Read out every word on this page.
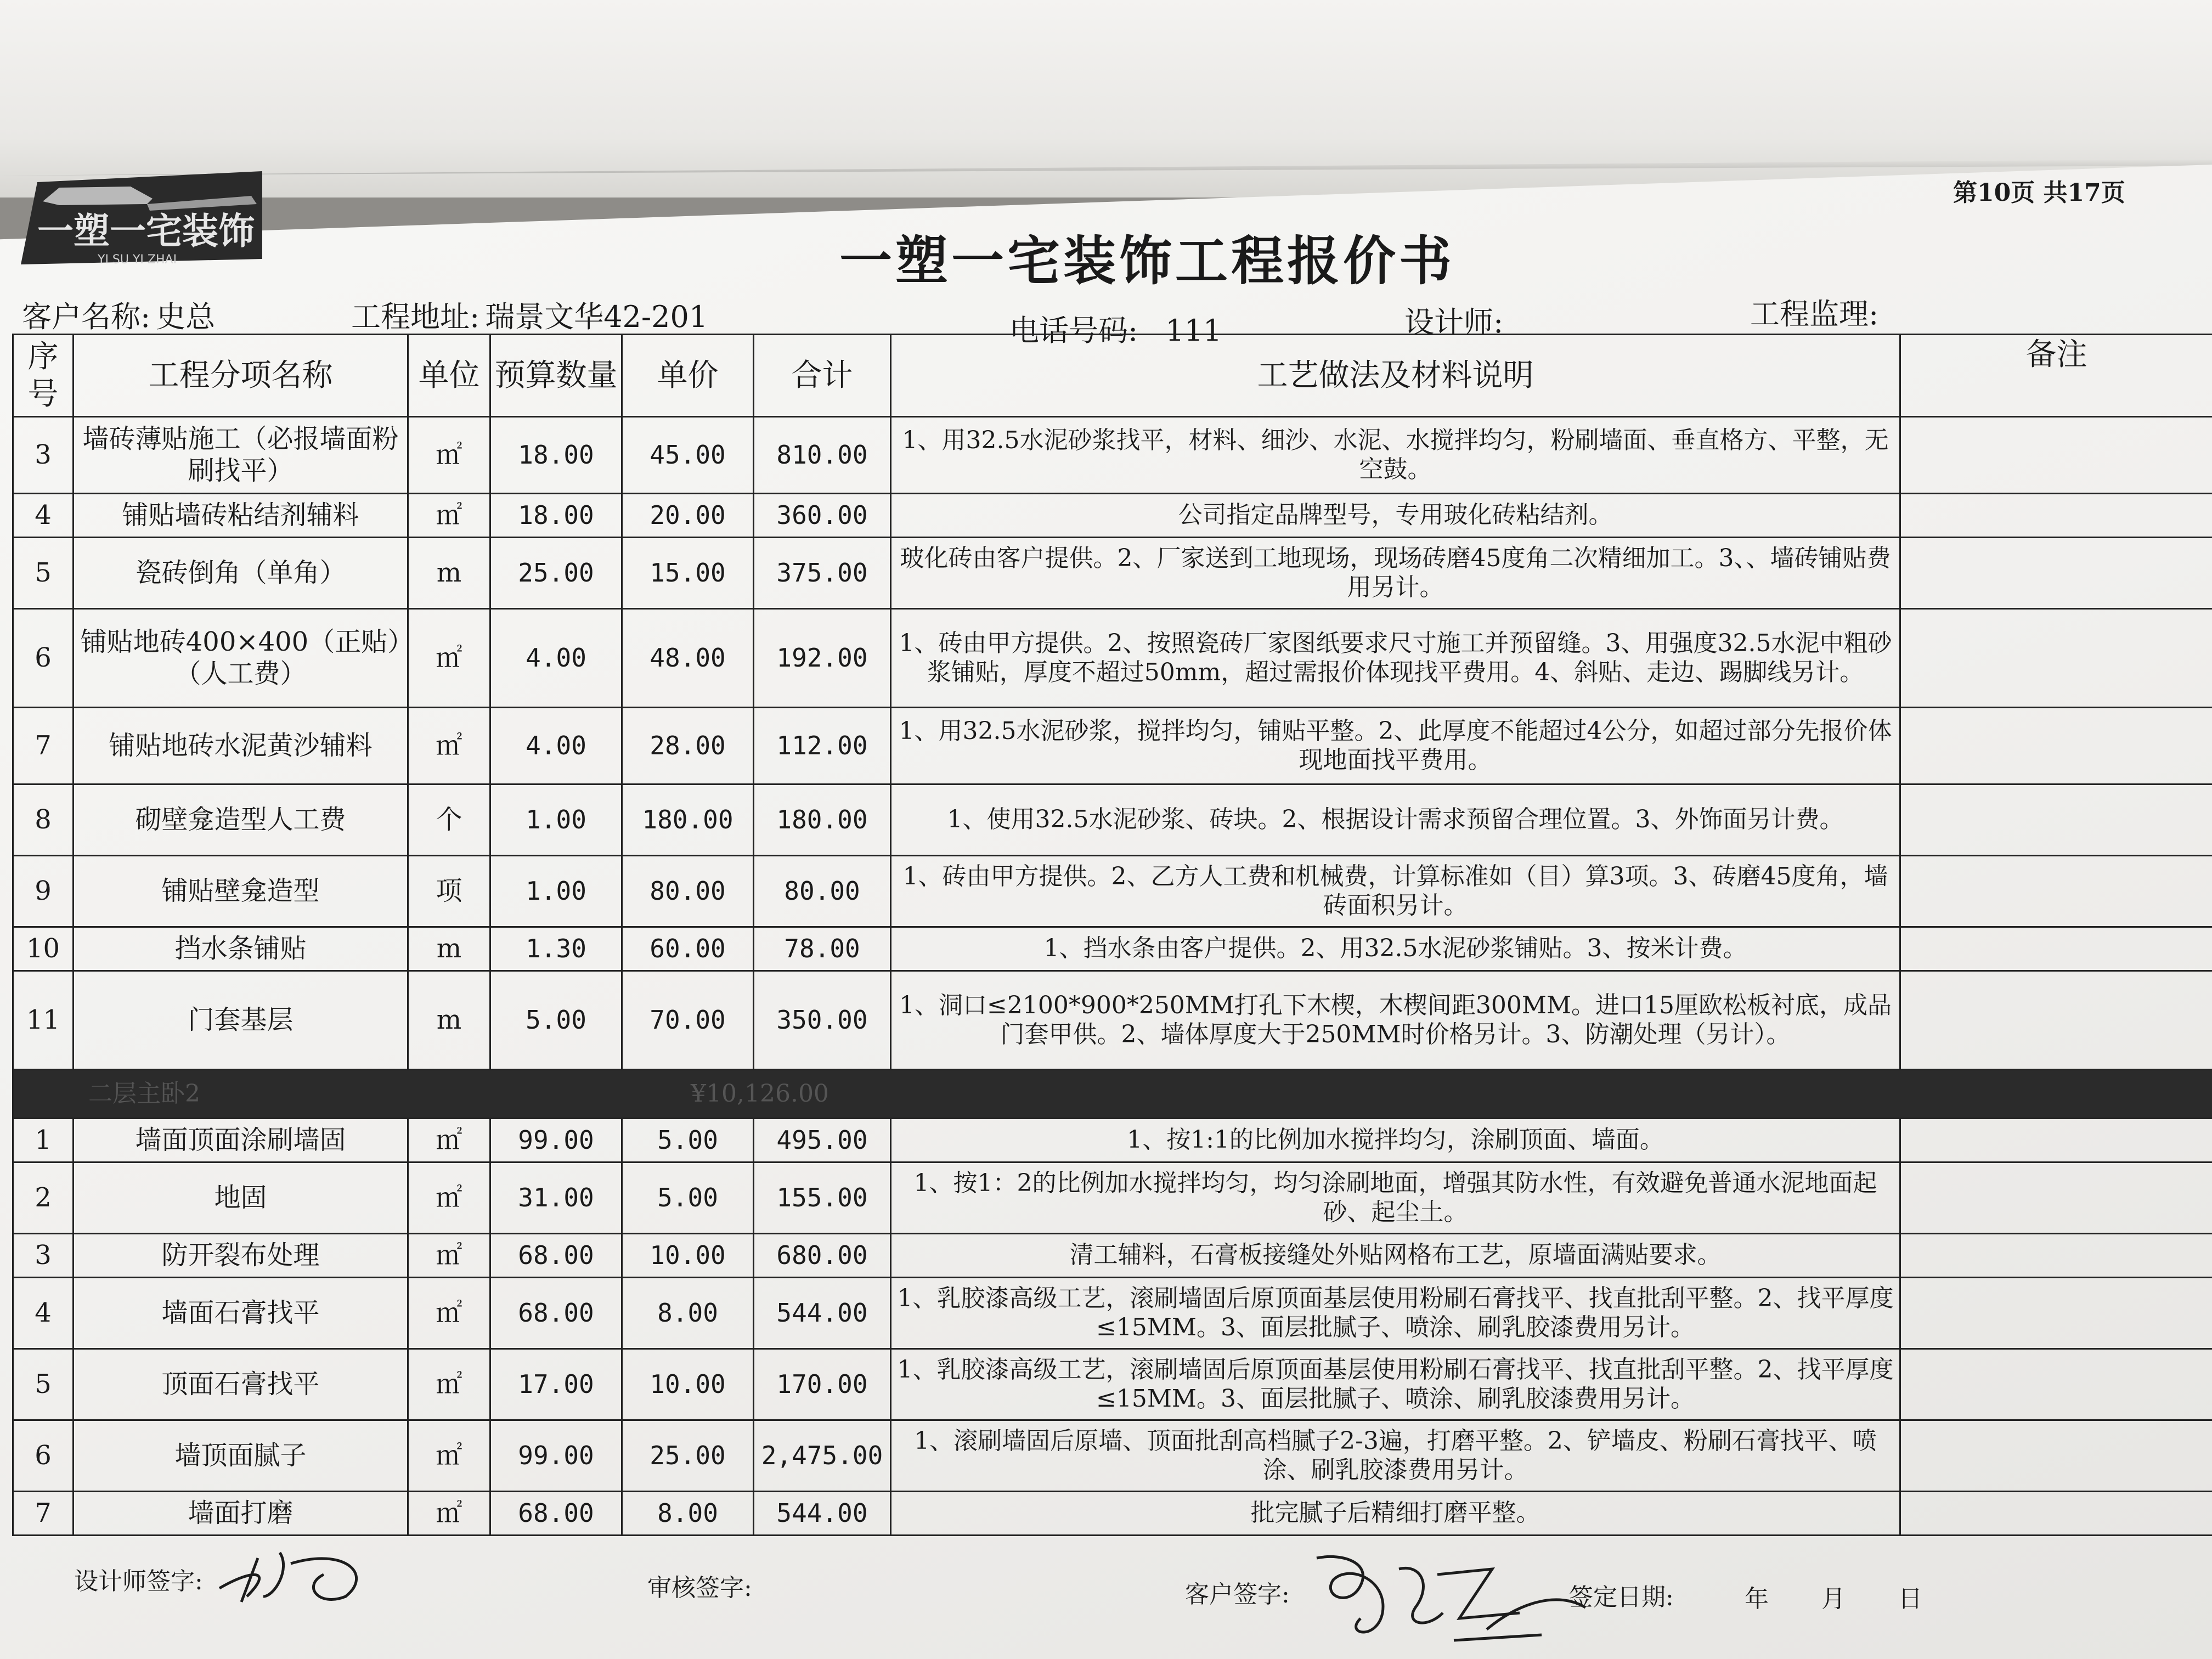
一塑一宅装饰
YI SU YI ZHAI
第10页 共17页
一塑一宅装饰工程报价书
客户名称: 史总	工程地址: 瑞景文华42-201	电话号码: 111	设计师:	工程监理:
序号	工程分项名称	单位	预算数量	单价	合计	工艺做法及材料说明	备注
3	墙砖薄贴施工（必报墙面粉刷找平）	㎡	18.00	45.00	810.00	1、用32.5水泥砂浆找平，材料、细沙、水泥、水搅拌均匀，粉刷墙面、垂直格方、平整，无空鼓。	
4	铺贴墙砖粘结剂辅料	㎡	18.00	20.00	360.00	公司指定品牌型号，专用玻化砖粘结剂。	
5	瓷砖倒角（单角）	m	25.00	15.00	375.00	玻化砖由客户提供。2、厂家送到工地现场，现场砖磨45度角二次精细加工。3、、墙砖铺贴费用另计。	
6	铺贴地砖400×400（正贴）（人工费）	㎡	4.00	48.00	192.00	1、砖由甲方提供。2、按照瓷砖厂家图纸要求尺寸施工并预留缝。3、用强度32.5水泥中粗砂浆铺贴，厚度不超过50mm，超过需报价体现找平费用。4、斜贴、走边、踢脚线另计。	
7	铺贴地砖水泥黄沙辅料	㎡	4.00	28.00	112.00	1、用32.5水泥砂浆，搅拌均匀，铺贴平整。2、此厚度不能超过4公分，如超过部分先报价体现地面找平费用。	
8	砌壁龛造型人工费	个	1.00	180.00	180.00	1、使用32.5水泥砂浆、砖块。2、根据设计需求预留合理位置。3、外饰面另计费。	
9	铺贴壁龛造型	项	1.00	80.00	80.00	1、砖由甲方提供。2、乙方人工费和机械费，计算标准如（目）算3项。3、砖磨45度角，墙砖面积另计。	
10	挡水条铺贴	m	1.30	60.00	78.00	1、挡水条由客户提供。2、用32.5水泥砂浆铺贴。3、按米计费。	
11	门套基层	m	5.00	70.00	350.00	1、洞口≤2100*900*250MM打孔下木楔，木楔间距300MM。进口15厘欧松板衬底，成品门套甲供。2、墙体厚度大于250MM时价格另计。3、防潮处理（另计）。	
二层主卧2 ¥10,126.00							
1	墙面顶面涂刷墙固	㎡	99.00	5.00	495.00	1、按1:1的比例加水搅拌均匀，涂刷顶面、墙面。	
2	地固	㎡	31.00	5.00	155.00	1、按1：2的比例加水搅拌均匀，均匀涂刷地面，增强其防水性，有效避免普通水泥地面起砂、起尘土。	
3	防开裂布处理	㎡	68.00	10.00	680.00	清工辅料，石膏板接缝处外贴网格布工艺，原墙面满贴要求。	
4	墙面石膏找平	㎡	68.00	8.00	544.00	1、乳胶漆高级工艺，滚刷墙固后原顶面基层使用粉刷石膏找平、找直批刮平整。2、找平厚度≤15MM。3、面层批腻子、喷涂、刷乳胶漆费用另计。	
5	顶面石膏找平	㎡	17.00	10.00	170.00	1、乳胶漆高级工艺，滚刷墙固后原顶面基层使用粉刷石膏找平、找直批刮平整。2、找平厚度≤15MM。3、面层批腻子、喷涂、刷乳胶漆费用另计。	
6	墙顶面腻子	㎡	99.00	25.00	2,475.00	1、滚刷墙固后原墙、顶面批刮高档腻子2-3遍，打磨平整。2、铲墙皮、粉刷石膏找平、喷涂、刷乳胶漆费用另计。	
7	墙面打磨	㎡	68.00	8.00	544.00	批完腻子后精细打磨平整。	
设计师签字:	审核签字:	客户签字:	签定日期:	年 月 日
